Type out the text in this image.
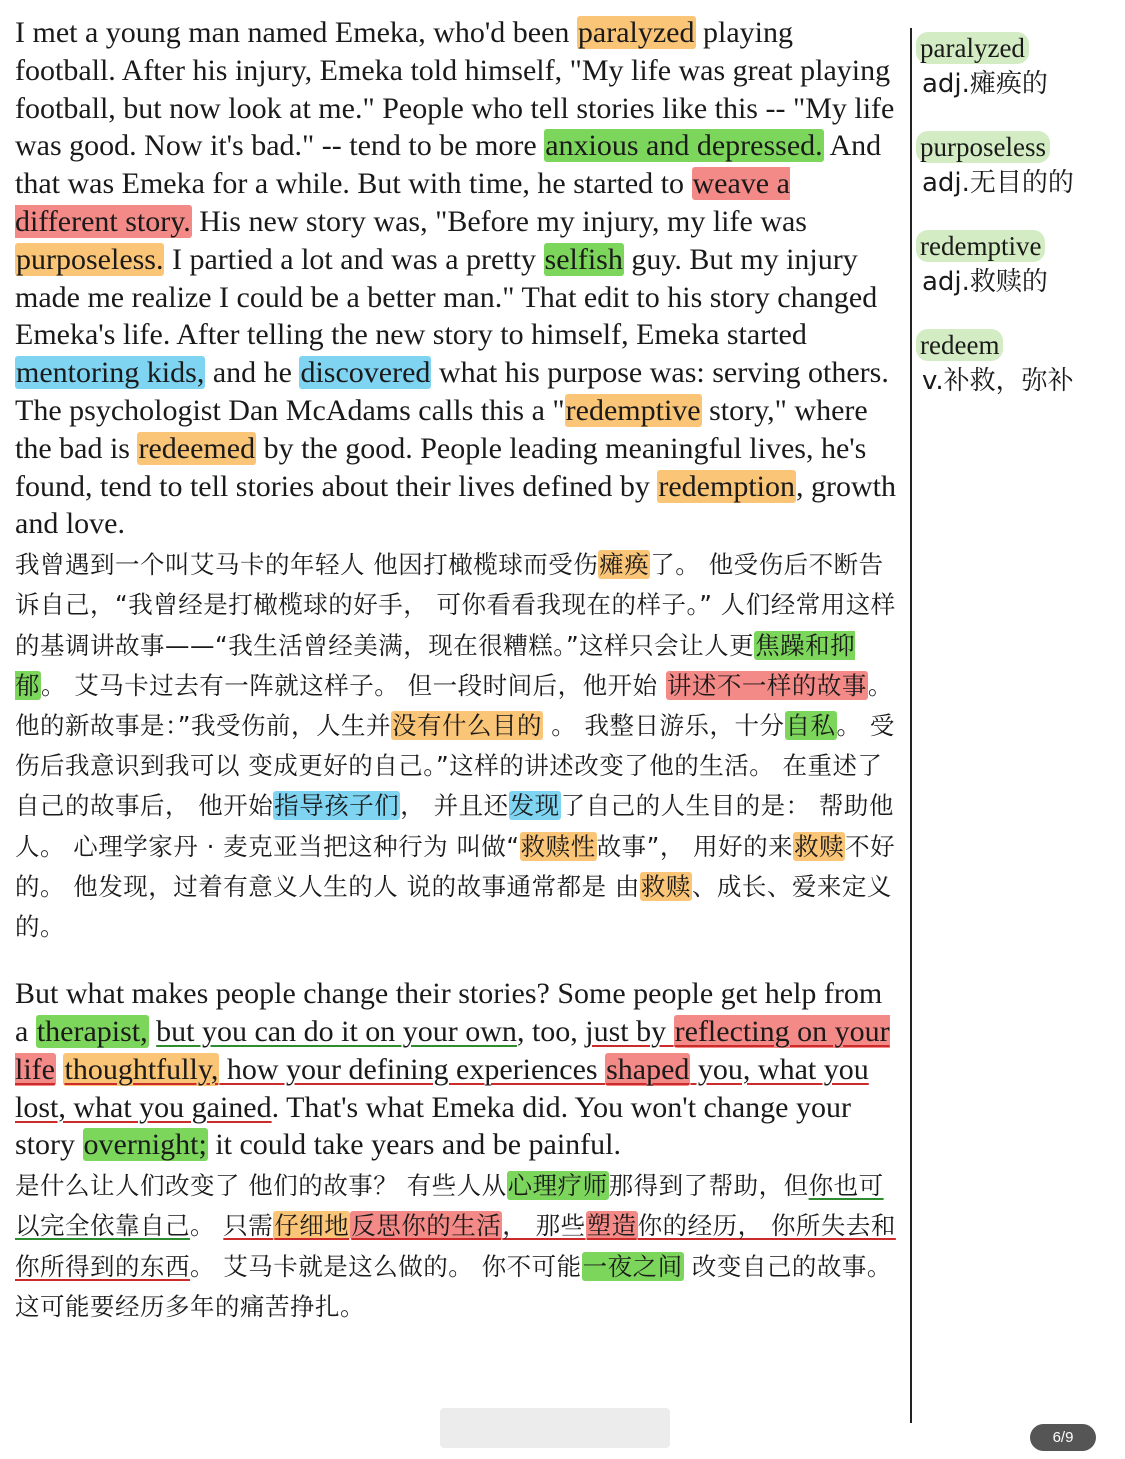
I met a young man named Emeka, who'd been paralyzed playing football. After his injury, Emeka told himself, "My life was great playing football, but now look at me." People who tell stories like this -- "My life was good. Now it's bad." -- tend to be more anxious and depressed. And that was Emeka for a while. But with time, he started to weave a different story. His new story was, "Before my injury, my life was purposeless. I partied a lot and was a pretty selfish guy. But my injury made me realize I could be a better man." That edit to his story changed Emeka's life. After telling the new story to himself, Emeka started mentoring kids, and he discovered what his purpose was: serving others. The psychologist Dan McAdams calls this a "redemptive story," where the bad is redeemed by the good. People leading meaningful lives, he's found, tend to tell stories about their lives defined by redemption, growth and love.

我曾遇到一个叫艾马卡的年轻人 他因打橄榄球而受伤瘫痪了。 他受伤后不断告诉自己，“我曾经是打橄榄球的好手， 可你看看我现在的样子。” 人们经常用这样的基调讲故事——“我生活曾经美满，现在很糟糕。”这样只会让人更焦躁和抑郁。 艾马卡过去有一阵就这样子。 但一段时间后，他开始 讲述不一样的故事。 他的新故事是：”我受伤前，人生并没有什么目的 。 我整日游乐，十分自私。 受伤后我意识到我可以 变成更好的自己。”这样的讲述改变了他的生活。 在重述了自己的故事后， 他开始指导孩子们， 并且还发现了自己的人生目的是： 帮助他人。 心理学家丹 · 麦克亚当把这种行为 叫做“救赎性故事”， 用好的来救赎不好的。 他发现，过着有意义人生的人 说的故事通常都是 由救赎、成长、爱来定义的。

But what makes people change their stories? Some people get help from a therapist, but you can do it on your own, too, just by reflecting on your life thoughtfully, how your defining experiences shaped you, what you lost, what you gained. That's what Emeka did. You won't change your story overnight; it could take years and be painful.

是什么让人们改变了 他们的故事？ 有些人从心理疗师那得到了帮助，但你也可以完全依靠自己。 只需仔细地反思你的生活， 那些塑造你的经历， 你所失去和你所得到的东西。 艾马卡就是这么做的。 你不可能一夜之间 改变自己的故事。 这可能要经历多年的痛苦挣扎。

paralyzed
adj.瘫痪的
purposeless
adj.无目的的
redemptive
adj.救赎的
redeem
v.补救，弥补
6/9
